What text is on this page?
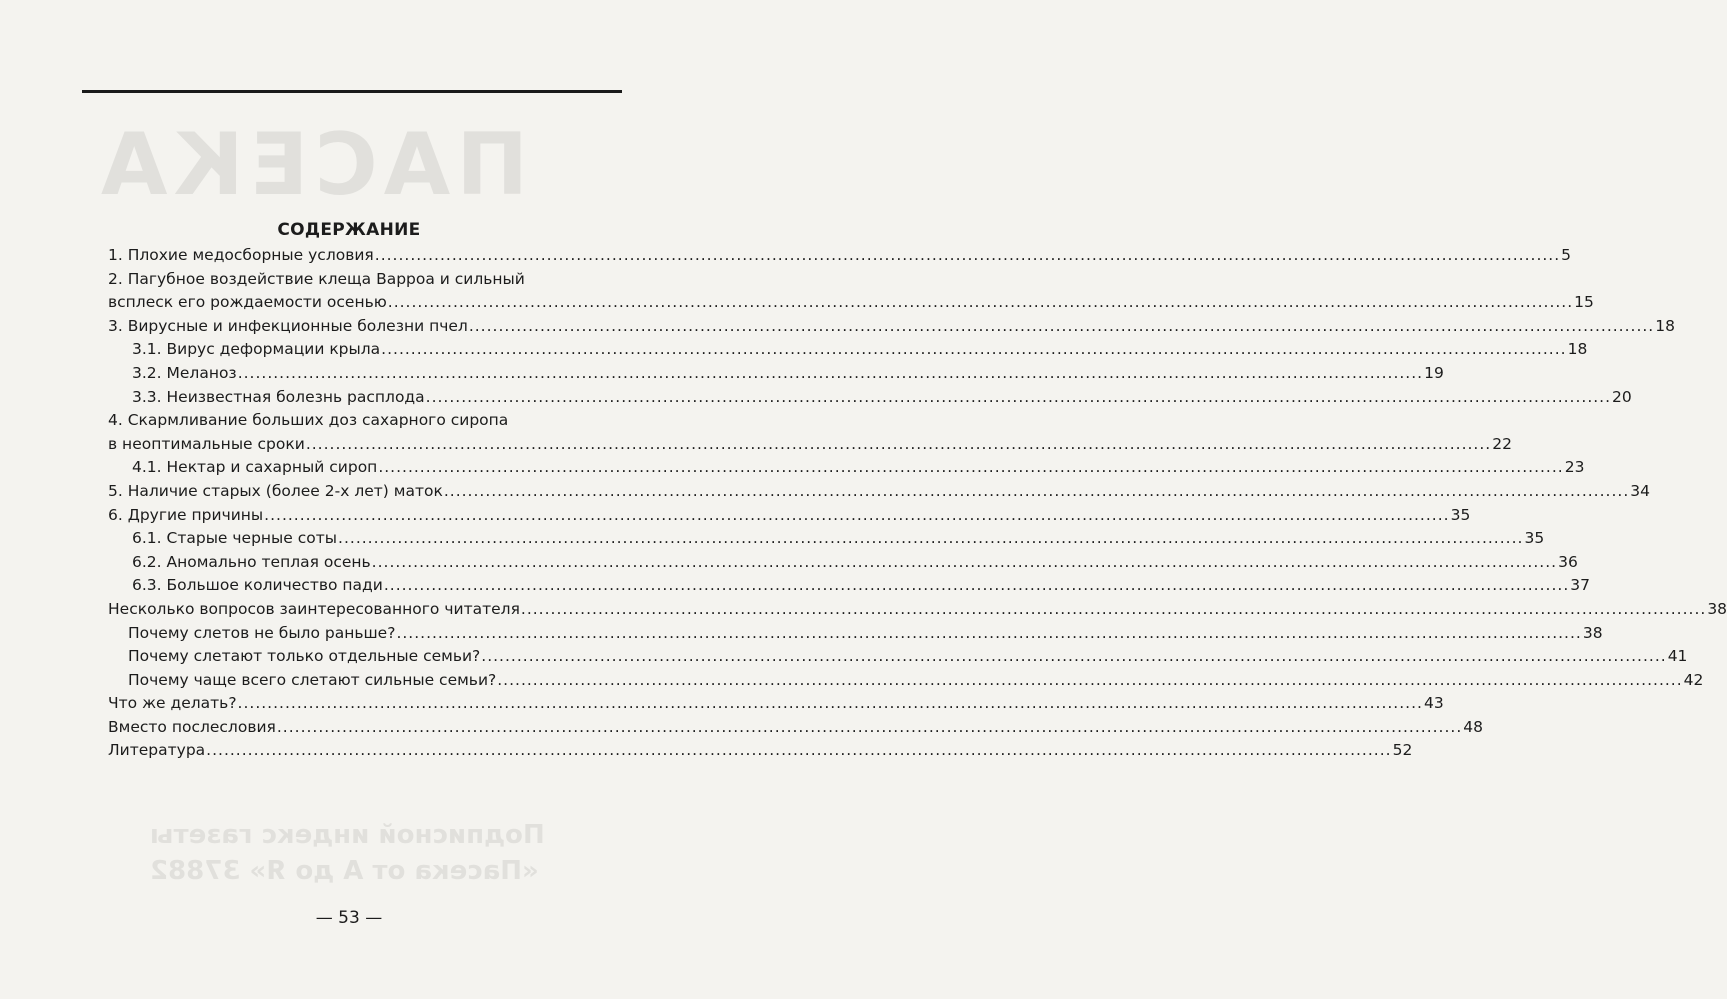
ПАСЕКА
Подписной индекс газеты
«Пасека от А до Я» 37882
СОДЕРЖАНИЕ
1. Плохие медосборные условия ........................................................................................................................................................................................................ 5
2. Пагубное воздействие клеща Варроа и сильный
всплеск его рождаемости осенью ........................................................................................................................................................................................................ 15
3. Вирусные и инфекционные болезни пчел ........................................................................................................................................................................................................ 18
3.1. Вирус деформации крыла ........................................................................................................................................................................................................ 18
3.2. Меланоз ........................................................................................................................................................................................................ 19
3.3. Неизвестная болезнь расплода ........................................................................................................................................................................................................ 20
4. Скармливание больших доз сахарного сиропа
в неоптимальные сроки ........................................................................................................................................................................................................ 22
4.1. Нектар и сахарный сироп ........................................................................................................................................................................................................ 23
5. Наличие старых (более 2-х лет) маток ........................................................................................................................................................................................................ 34
6. Другие причины ........................................................................................................................................................................................................ 35
6.1. Старые черные соты ........................................................................................................................................................................................................ 35
6.2. Аномально теплая осень ........................................................................................................................................................................................................ 36
6.3. Большое количество пади ........................................................................................................................................................................................................ 37
Несколько вопросов заинтересованного читателя ........................................................................................................................................................................................................ 38
Почему слетов не было раньше? ........................................................................................................................................................................................................ 38
Почему слетают только отдельные семьи? ........................................................................................................................................................................................................ 41
Почему чаще всего слетают сильные семьи? ........................................................................................................................................................................................................ 42
Что же делать? ........................................................................................................................................................................................................ 43
Вместо послесловия ........................................................................................................................................................................................................ 48
Литература ........................................................................................................................................................................................................ 52
— 53 —
